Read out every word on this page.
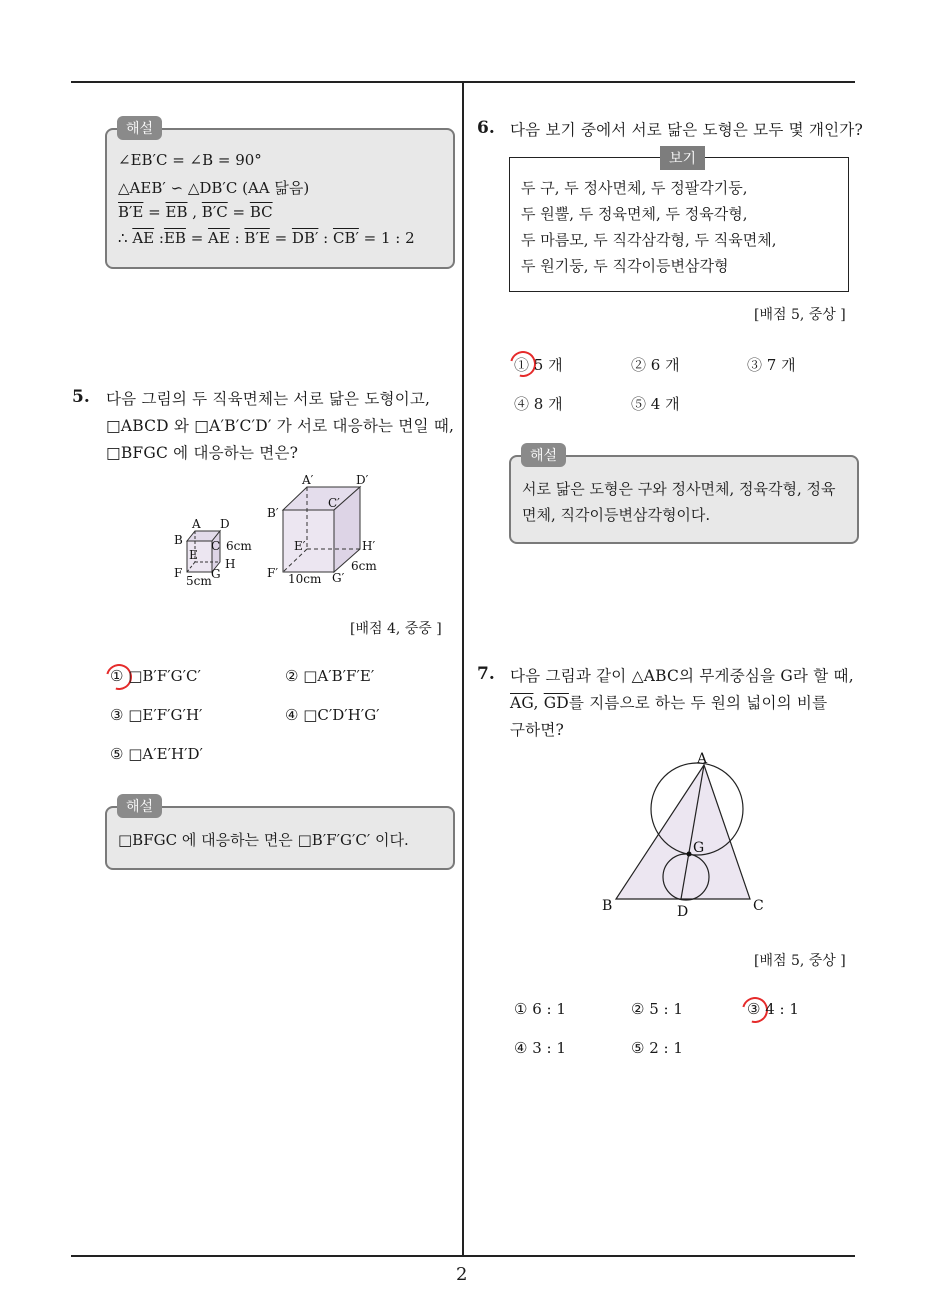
2
해설
∠EB′C = ∠B = 90°
△AEB′ ∽ △DB′C (AA 닮음)
$B'E = \overline{EB}$ , $B'C = \overline{BC}$
∴ $\overline{AE}$ $:\overline{EB} = \overline{AE}$ : B′E = DB′ : CB′ = 1 : 2
5. 다음 그림의 두 직육면체는 서로 닮은 도형이고,
□ABCD 와 □A′B′C′D′ 가 서로 대응하는 면일 때,
□BFGC 에 대응하는 면은?
A D
B C
E
H
F G
6cm
5cm
A′	D′
B′
C′
E′	H′
F′	G′
6cm
10cm
[배점 4, 중중 ]
① □B′F′G′C′	② □A′B′F′E′
③ □E′F′G′H′	④ □C′D′H′G′
⑤ □A′E′H′D′
해설
□BFGC 에 대응하는 면은 □B′F′G′C′ 이다.
6. 다음 보기 중에서 서로 닮은 도형은 모두 몇 개인가?
보기
두 구, 두 정사면체, 두 정팔각기둥,
두 원뿔, 두 정육면체, 두 정육각형,
두 마름모, 두 직각삼각형, 두 직육면체,
두 원기둥, 두 직각이등변삼각형
[배점 5, 중상 ]
① 5 개	② 6 개	③ 7 개
④ 8 개	⑤ 4 개
해설
서로 닮은 도형은 구와 정사면체, 정육각형, 정육
면체, 직각이등변삼각형이다.
7. 다음 그림과 같이 △ABC의 무게중심을 G라 할 때,
$\overline{AG}$, $\overline{GD}$를 지름으로 하는 두 원의 넓이의 비를
구하면?
A
B	C
D
G
[배점 5, 중상 ]
① 6 : 1	② 5 : 1	③ 4 : 1
④ 3 : 1	⑤ 2 : 1
